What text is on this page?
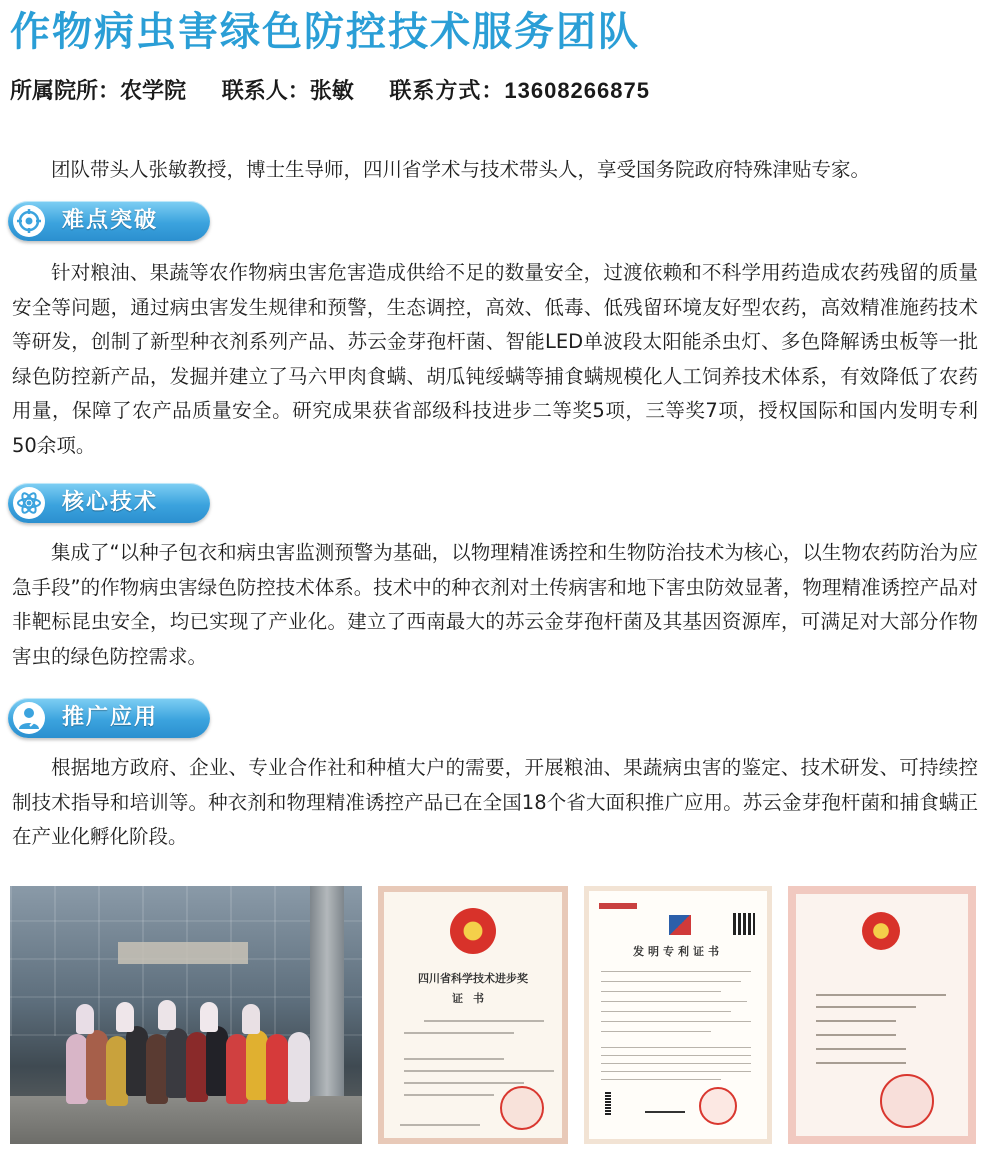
作物病虫害绿色防控技术服务团队
所属院所：农学院 联系人：张敏 联系方式：13608266875

团队带头人张敏教授，博士生导师，四川省学术与技术带头人，享受国务院政府特殊津贴专家。

难点突破

针对粮油、果蔬等农作物病虫害危害造成供给不足的数量安全，过渡依赖和不科学用药造成农药残留的质量安全等问题，通过病虫害发生规律和预警，生态调控，高效、低毒、低残留环境友好型农药，高效精准施药技术等研发，创制了新型种衣剂系列产品、苏云金芽孢杆菌、智能LED单波段太阳能杀虫灯、多色降解诱虫板等一批绿色防控新产品，发掘并建立了马六甲肉食螨、胡瓜钝绥螨等捕食螨规模化人工饲养技术体系，有效降低了农药用量，保障了农产品质量安全。研究成果获省部级科技进步二等奖5项，三等奖7项，授权国际和国内发明专利50余项。

核心技术

集成了“以种子包衣和病虫害监测预警为基础，以物理精准诱控和生物防治技术为核心，以生物农药防治为应急手段”的作物病虫害绿色防控技术体系。技术中的种衣剂对土传病害和地下害虫防效显著，物理精准诱控产品对非靶标昆虫安全，均已实现了产业化。建立了西南最大的苏云金芽孢杆菌及其基因资源库，可满足对大部分作物害虫的绿色防控需求。

推广应用

根据地方政府、企业、专业合作社和种植大户的需要，开展粮油、果蔬病虫害的鉴定、技术研发、可持续控制技术指导和培训等。种衣剂和物理精准诱控产品已在全国18个省大面积推广应用。苏云金芽孢杆菌和捕食螨正在产业化孵化阶段。

四川省科学技术进步奖
证书
发明专利证书
